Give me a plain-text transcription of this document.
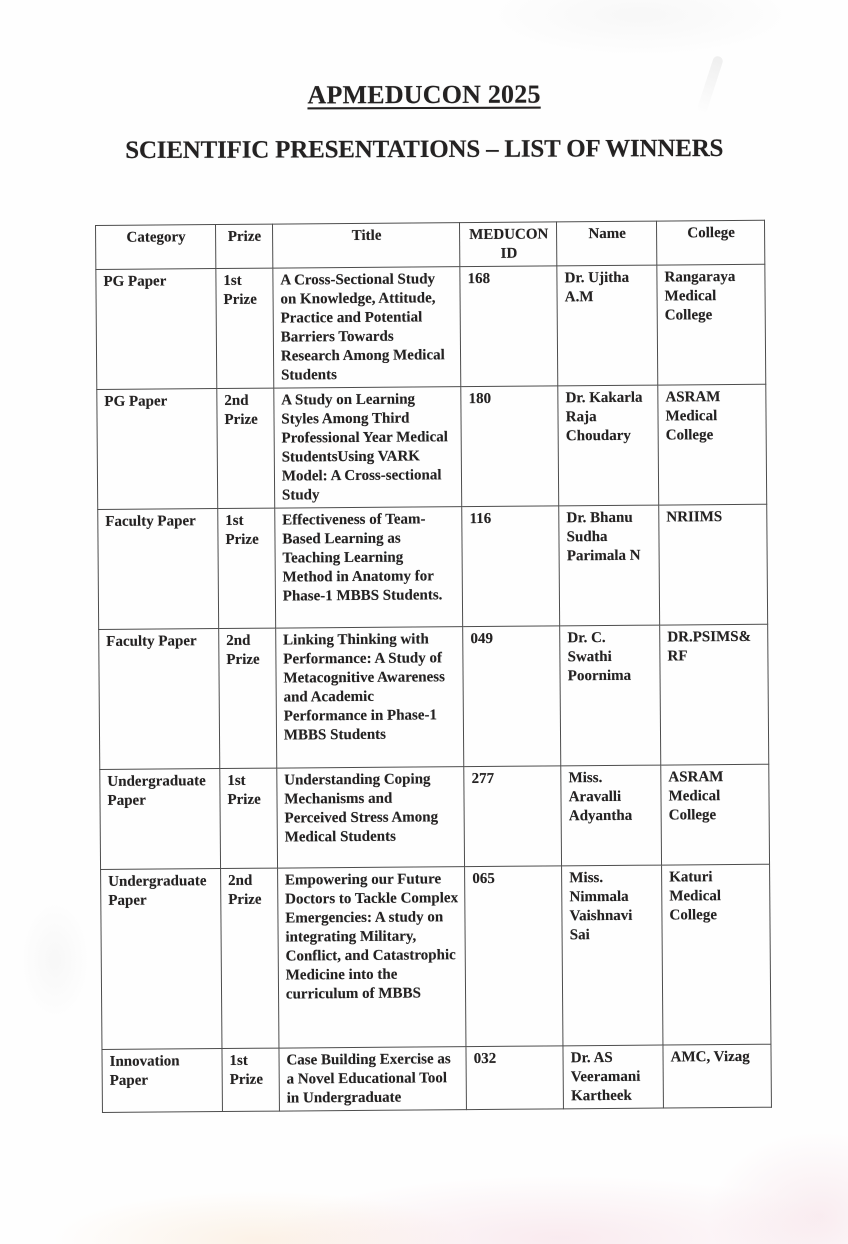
APMEDUCON 2025
SCIENTIFIC PRESENTATIONS – LIST OF WINNERS
Category	Prize	Title	MEDUCON ID	Name	College
PG Paper	1st Prize	A Cross-Sectional Study on Knowledge, Attitude, Practice and Potential Barriers Towards Research Among Medical Students	168	Dr. Ujitha A.M	Rangaraya Medical College
PG Paper	2nd Prize	A Study on Learning Styles Among Third Professional Year Medical StudentsUsing VARK Model: A Cross-sectional Study	180	Dr. Kakarla Raja Choudary	ASRAM Medical College
Faculty Paper	1st Prize	Effectiveness of Team-Based Learning as Teaching Learning Method in Anatomy for Phase-1 MBBS Students.	116	Dr. Bhanu Sudha Parimala N	NRIIMS
Faculty Paper	2nd Prize	Linking Thinking with Performance: A Study of Metacognitive Awareness and Academic Performance in Phase-1 MBBS Students	049	Dr. C. Swathi Poornima	DR.PSIMS& RF
Undergraduate Paper	1st Prize	Understanding Coping Mechanisms and Perceived Stress Among Medical Students	277	Miss. Aravalli Adyantha	ASRAM Medical College
Undergraduate Paper	2nd Prize	Empowering our Future Doctors to Tackle Complex Emergencies: A study on integrating Military, Conflict, and Catastrophic Medicine into the curriculum of MBBS	065	Miss. Nimmala Vaishnavi Sai	Katuri Medical College
Innovation Paper	1st Prize	Case Building Exercise as a Novel Educational Tool in Undergraduate	032	Dr. AS Veeramani Kartheek	AMC, Vizag
